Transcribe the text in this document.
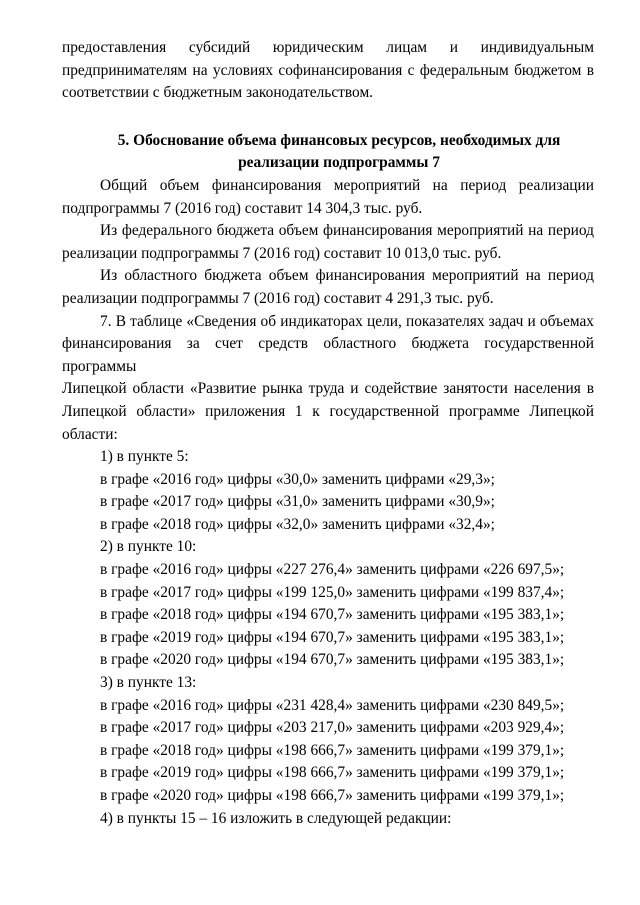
предоставления субсидий юридическим лицам и индивидуальным

предпринимателям на условиях софинансирования с федеральным бюджетом в

соответствии с бюджетным законодательством.

5. Обоснование объема финансовых ресурсов, необходимых для

реализации подпрограммы 7

Общий объем финансирования мероприятий на период реализации

подпрограммы 7 (2016 год) составит 14 304,3 тыс. руб.

Из федерального бюджета объем финансирования мероприятий на период

реализации подпрограммы 7 (2016 год) составит 10 013,0 тыс. руб.

Из областного бюджета объем финансирования мероприятий на период

реализации подпрограммы 7 (2016 год) составит 4 291,3 тыс. руб.

7. В таблице «Сведения об индикаторах цели, показателях задач и объемах

финансирования за счет средств областного бюджета государственной программы

Липецкой области «Развитие рынка труда и содействие занятости населения в

Липецкой области» приложения 1 к государственной программе Липецкой

области:

1) в пункте 5:

в графе «2016 год» цифры «30,0» заменить цифрами «29,3»;

в графе «2017 год» цифры «31,0» заменить цифрами «30,9»;

в графе «2018 год» цифры «32,0» заменить цифрами «32,4»;

2) в пункте 10:

в графе «2016 год» цифры «227 276,4» заменить цифрами «226 697,5»;

в графе «2017 год» цифры «199 125,0» заменить цифрами «199 837,4»;

в графе «2018 год» цифры «194 670,7» заменить цифрами «195 383,1»;

в графе «2019 год» цифры «194 670,7» заменить цифрами «195 383,1»;

в графе «2020 год» цифры «194 670,7» заменить цифрами «195 383,1»;

3) в пункте 13:

в графе «2016 год» цифры «231 428,4» заменить цифрами «230 849,5»;

в графе «2017 год» цифры «203 217,0» заменить цифрами «203 929,4»;

в графе «2018 год» цифры «198 666,7» заменить цифрами «199 379,1»;

в графе «2019 год» цифры «198 666,7» заменить цифрами «199 379,1»;

в графе «2020 год» цифры «198 666,7» заменить цифрами «199 379,1»;

4) в пункты 15 – 16 изложить в следующей редакции:
